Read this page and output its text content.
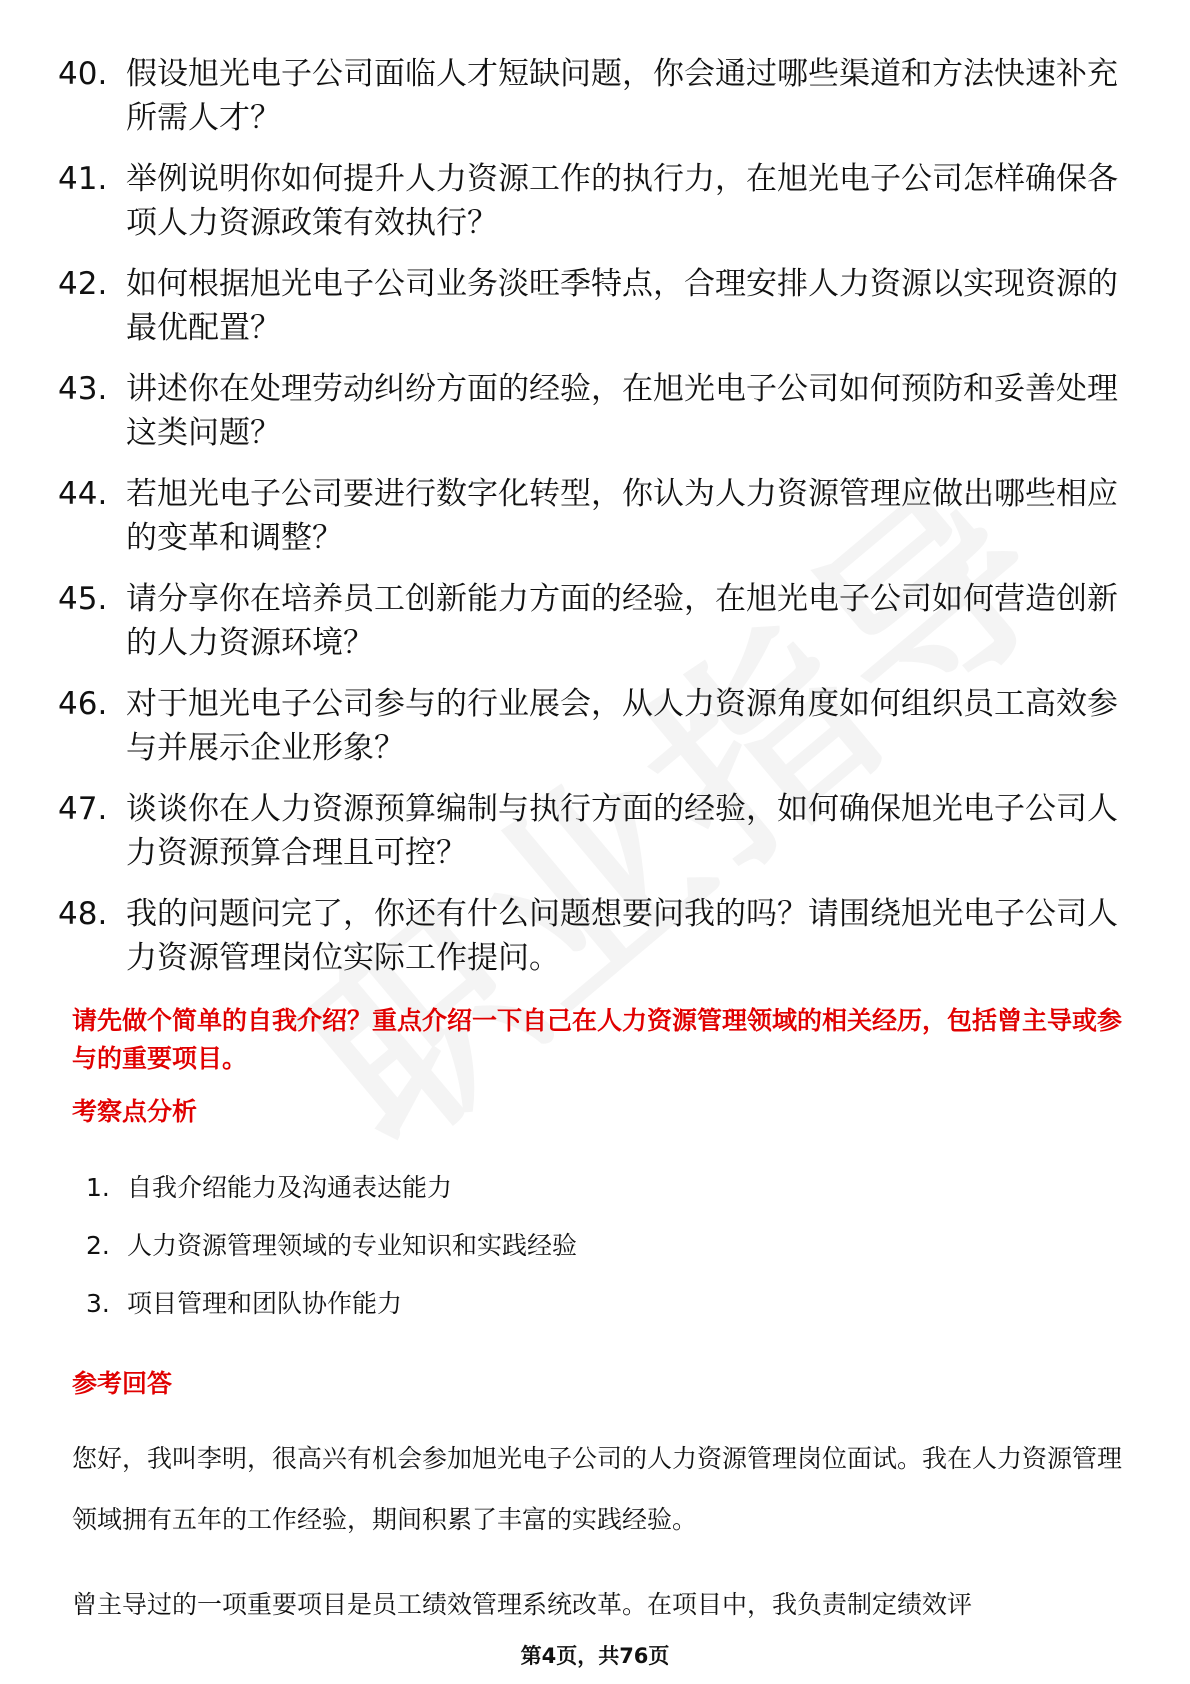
40. 假设旭光电子公司面临人才短缺问题，你会通过哪些渠道和方法快速补充所需人才？
41. 举例说明你如何提升人力资源工作的执行力，在旭光电子公司怎样确保各项人力资源政策有效执行？
42. 如何根据旭光电子公司业务淡旺季特点，合理安排人力资源以实现资源的最优配置？
43. 讲述你在处理劳动纠纷方面的经验，在旭光电子公司如何预防和妥善处理这类问题？
44. 若旭光电子公司要进行数字化转型，你认为人力资源管理应做出哪些相应的变革和调整？
45. 请分享你在培养员工创新能力方面的经验，在旭光电子公司如何营造创新的人力资源环境？
46. 对于旭光电子公司参与的行业展会，从人力资源角度如何组织员工高效参与并展示企业形象？
47. 谈谈你在人力资源预算编制与执行方面的经验，如何确保旭光电子公司人力资源预算合理且可控？
48. 我的问题问完了，你还有什么问题想要问我的吗？请围绕旭光电子公司人力资源管理岗位实际工作提问。

请先做个简单的自我介绍？重点介绍一下自己在人力资源管理领域的相关经历，包括曾主导或参与的重要项目。

考察点分析
1. 自我介绍能力及沟通表达能力
2. 人力资源管理领域的专业知识和实践经验
3. 项目管理和团队协作能力
参考回答

您好，我叫李明，很高兴有机会参加旭光电子公司的人力资源管理岗位面试。我在人力资源管理领域拥有五年的工作经验，期间积累了丰富的实践经验。

曾主导过的一项重要项目是员工绩效管理系统改革。在项目中，我负责制定绩效评

第4页，共76页
